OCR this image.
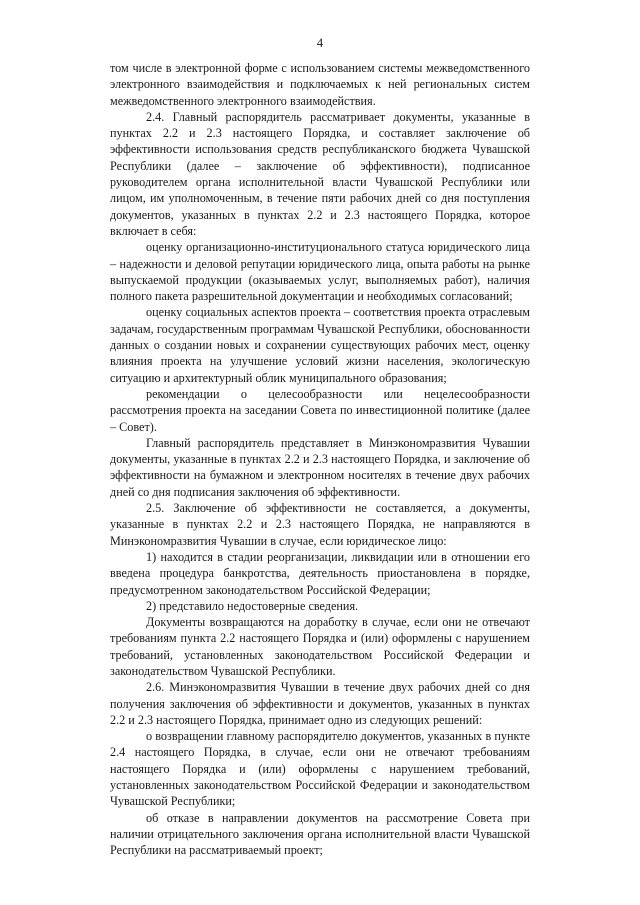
4

том числе в электронной форме с использованием системы межведомственного электронного взаимодействия и подключаемых к ней региональных систем межведомственного электронного взаимодействия.

2.4. Главный распорядитель рассматривает документы, указанные в пунктах 2.2 и 2.3 настоящего Порядка, и составляет заключение об эффективности использования средств республиканского бюджета Чувашской Республики (далее – заключение об эффективности), подписанное руководителем органа исполнительной власти Чувашской Республики или лицом, им уполномоченным, в течение пяти рабочих дней со дня поступления документов, указанных в пунктах 2.2 и 2.3 настоящего Порядка, которое включает в себя:

оценку организационно-институционального статуса юридического лица – надежности и деловой репутации юридического лица, опыта работы на рынке выпускаемой продукции (оказываемых услуг, выполняемых работ), наличия полного пакета разрешительной документации и необходимых согласований;

оценку социальных аспектов проекта – соответствия проекта отраслевым задачам, государственным программам Чувашской Республики, обоснованности данных о создании новых и сохранении существующих рабочих мест, оценку влияния проекта на улучшение условий жизни населения, экологическую ситуацию и архитектурный облик муниципального образования;

рекомендации о целесообразности или нецелесообразности рассмотрения проекта на заседании Совета по инвестиционной политике (далее – Совет).

Главный распорядитель представляет в Минэкономразвития Чувашии документы, указанные в пунктах 2.2 и 2.3 настоящего Порядка, и заключение об эффективности на бумажном и электронном носителях в течение двух рабочих дней со дня подписания заключения об эффективности.

2.5. Заключение об эффективности не составляется, а документы, указанные в пунктах 2.2 и 2.3 настоящего Порядка, не направляются в Минэкономразвития Чувашии в случае, если юридическое лицо:

1) находится в стадии реорганизации, ликвидации или в отношении его введена процедура банкротства, деятельность приостановлена в порядке, предусмотренном законодательством Российской Федерации;

2) представило недостоверные сведения.

Документы возвращаются на доработку в случае, если они не отвечают требованиям пункта 2.2 настоящего Порядка и (или) оформлены с нарушением требований, установленных законодательством Российской Федерации и законодательством Чувашской Республики.

2.6. Минэкономразвития Чувашии в течение двух рабочих дней со дня получения заключения об эффективности и документов, указанных в пунктах 2.2 и 2.3 настоящего Порядка, принимает одно из следующих решений:

о возвращении главному распорядителю документов, указанных в пункте 2.4 настоящего Порядка, в случае, если они не отвечают требованиям настоящего Порядка и (или) оформлены с нарушением требований, установленных законодательством Российской Федерации и законодательством Чувашской Республики;

об отказе в направлении документов на рассмотрение Совета при наличии отрицательного заключения органа исполнительной власти Чувашской Республики на рассматриваемый проект;
